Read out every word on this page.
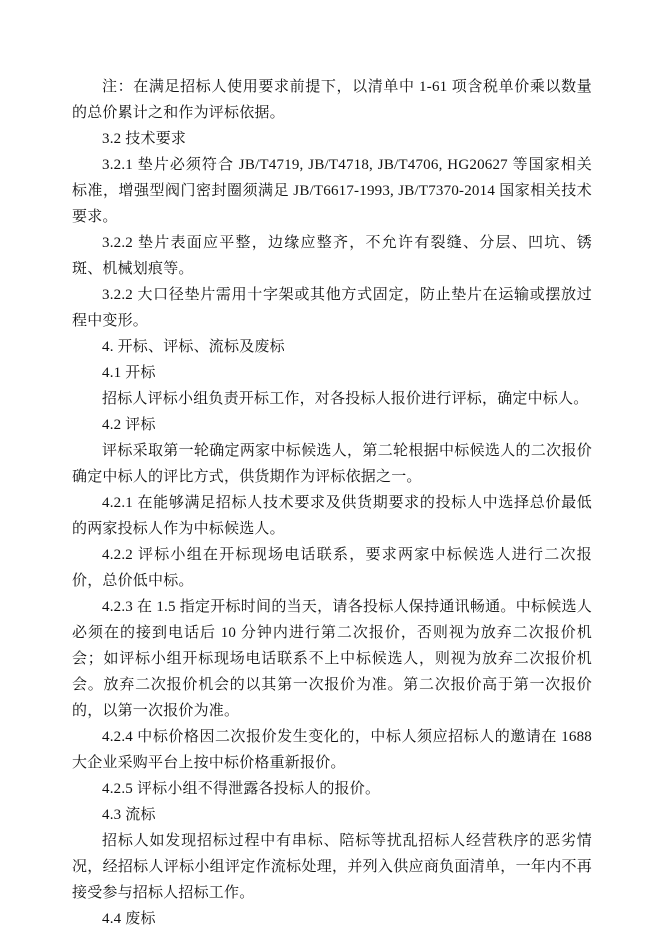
注：在满足招标人使用要求前提下，以清单中 1-61 项含税单价乘以数量的总价累计之和作为评标依据。

3.2 技术要求

3.2.1 垫片必须符合 JB/T4719, JB/T4718, JB/T4706, HG20627 等国家相关标准，增强型阀门密封圈须满足 JB/T6617-1993, JB/T7370-2014 国家相关技术要求。

3.2.2 垫片表面应平整，边缘应整齐，不允许有裂缝、分层、凹坑、锈斑、机械划痕等。

3.2.2 大口径垫片需用十字架或其他方式固定，防止垫片在运输或摆放过程中变形。

4. 开标、评标、流标及废标

4.1 开标

招标人评标小组负责开标工作，对各投标人报价进行评标，确定中标人。

4.2 评标

评标采取第一轮确定两家中标候选人，第二轮根据中标候选人的二次报价确定中标人的评比方式，供货期作为评标依据之一。

4.2.1 在能够满足招标人技术要求及供货期要求的投标人中选择总价最低的两家投标人作为中标候选人。

4.2.2 评标小组在开标现场电话联系，要求两家中标候选人进行二次报价，总价低中标。

4.2.3 在 1.5 指定开标时间的当天，请各投标人保持通讯畅通。中标候选人必须在的接到电话后 10 分钟内进行第二次报价，否则视为放弃二次报价机会；如评标小组开标现场电话联系不上中标候选人，则视为放弃二次报价机会。放弃二次报价机会的以其第一次报价为准。第二次报价高于第一次报价的，以第一次报价为准。

4.2.4 中标价格因二次报价发生变化的，中标人须应招标人的邀请在 1688 大企业采购平台上按中标价格重新报价。

4.2.5 评标小组不得泄露各投标人的报价。

4.3 流标

招标人如发现招标过程中有串标、陪标等扰乱招标人经营秩序的恶劣情况，经招标人评标小组评定作流标处理，并列入供应商负面清单，一年内不再接受参与招标人招标工作。

4.4 废标
